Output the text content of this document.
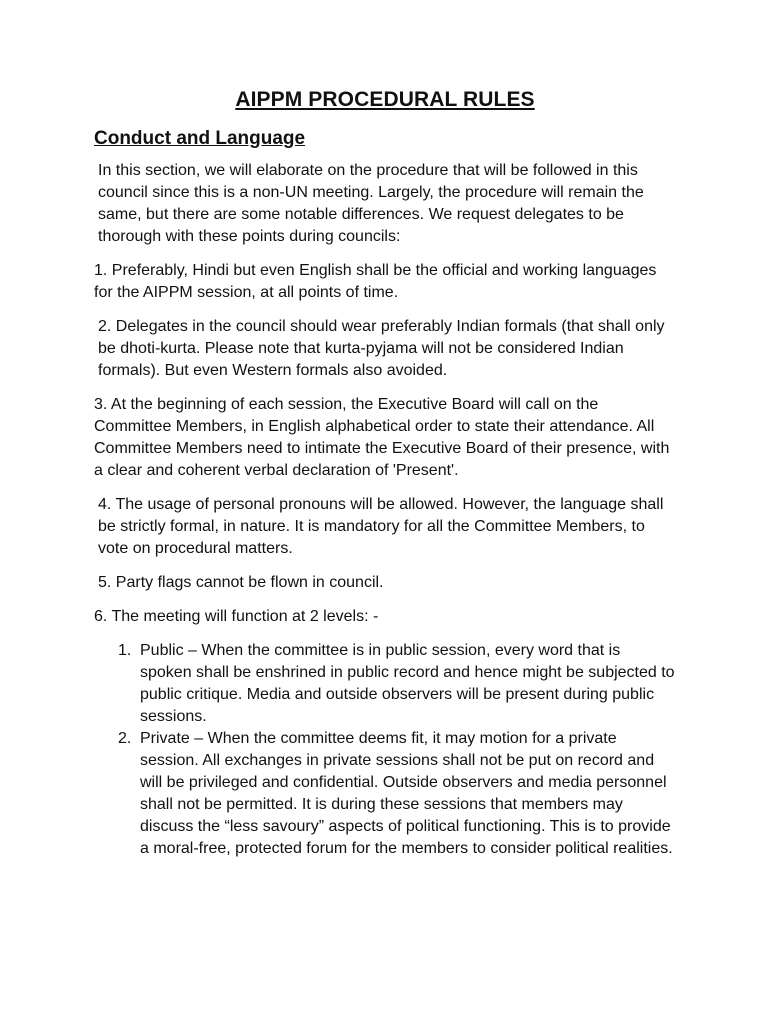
AIPPM PROCEDURAL RULES
Conduct and Language

In this section, we will elaborate on the procedure that will be followed in this council since this is a non-UN meeting. Largely, the procedure will remain the same, but there are some notable differences. We request delegates to be thorough with these points during councils:

1. Preferably, Hindi but even English shall be the official and working languages for the AIPPM session, at all points of time.

2. Delegates in the council should wear preferably Indian formals (that shall only be dhoti-kurta. Please note that kurta-pyjama will not be considered Indian formals). But even Western formals also avoided.

3. At the beginning of each session, the Executive Board will call on the Committee Members, in English alphabetical order to state their attendance. All Committee Members need to intimate the Executive Board of their presence, with a clear and coherent verbal declaration of 'Present'.

4. The usage of personal pronouns will be allowed. However, the language shall be strictly formal, in nature. It is mandatory for all the Committee Members, to vote on procedural matters.

5. Party flags cannot be flown in council.

6. The meeting will function at 2 levels: -

1. Public – When the committee is in public session, every word that is spoken shall be enshrined in public record and hence might be subjected to public critique. Media and outside observers will be present during public sessions.
2. Private – When the committee deems fit, it may motion for a private session. All exchanges in private sessions shall not be put on record and will be privileged and confidential. Outside observers and media personnel shall not be permitted. It is during these sessions that members may discuss the “less savoury” aspects of political functioning. This is to provide a moral-free, protected forum for the members to consider political realities.
